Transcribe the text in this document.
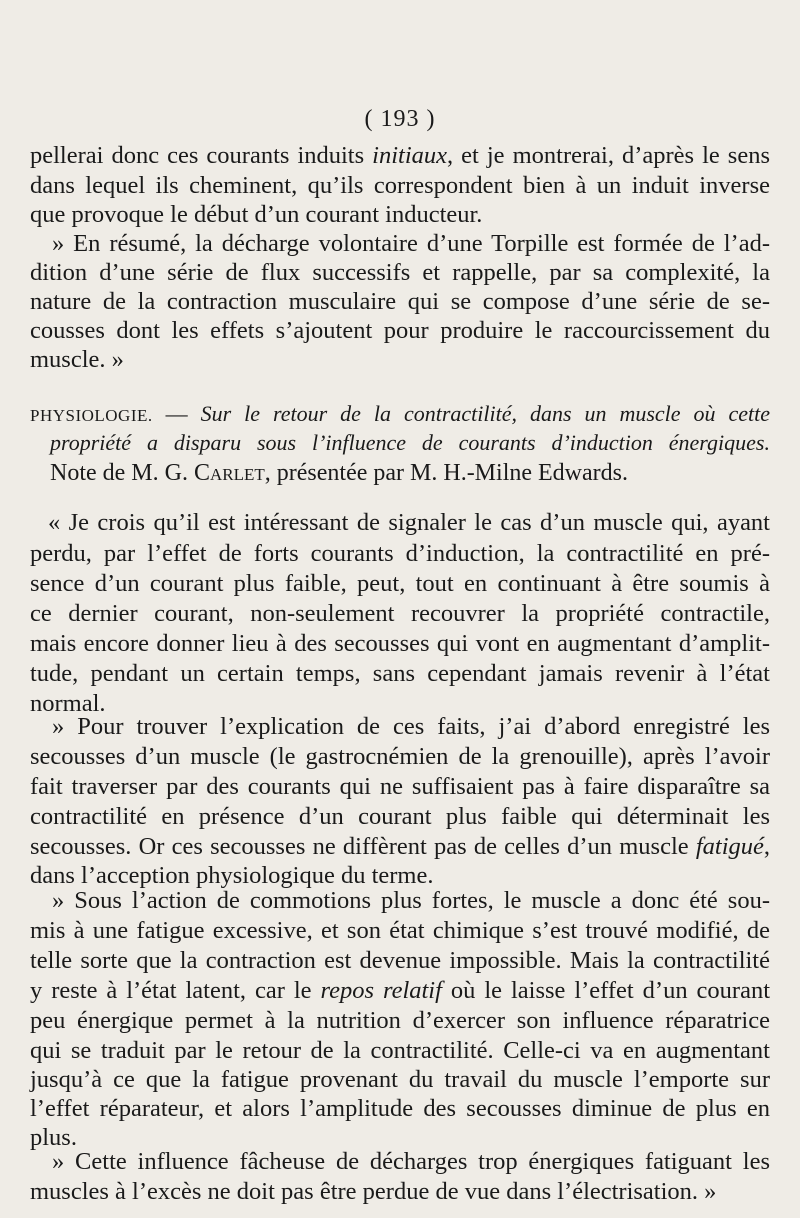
( 193 )
pellerai donc ces courants induits initiaux, et je montrerai, d’après le sens
dans lequel ils cheminent, qu’ils correspondent bien à un induit inverse
que provoque le début d’un courant inducteur.
» En résumé, la décharge volontaire d’une Torpille est formée de l’ad-
dition d’une série de flux successifs et rappelle, par sa complexité, la
nature de la contraction musculaire qui se compose d’une série de se-
cousses dont les effets s’ajoutent pour produire le raccourcissement du
muscle. »
PHYSIOLOGIE. — Sur le retour de la contractilité, dans un muscle où cette
propriété a disparu sous l’influence de courants d’induction énergiques.
Note de M. G. Carlet, présentée par M. H.-Milne Edwards.
« Je crois qu’il est intéressant de signaler le cas d’un muscle qui, ayant
perdu, par l’effet de forts courants d’induction, la contractilité en pré-
sence d’un courant plus faible, peut, tout en continuant à être soumis à
ce dernier courant, non-seulement recouvrer la propriété contractile,
mais encore donner lieu à des secousses qui vont en augmentant d’amplit-
tude, pendant un certain temps, sans cependant jamais revenir à l’état
normal.
» Pour trouver l’explication de ces faits, j’ai d’abord enregistré les
secousses d’un muscle (le gastrocnémien de la grenouille), après l’avoir
fait traverser par des courants qui ne suffisaient pas à faire disparaître sa
contractilité en présence d’un courant plus faible qui déterminait les
secousses. Or ces secousses ne diffèrent pas de celles d’un muscle fatigué,
dans l’acception physiologique du terme.
» Sous l’action de commotions plus fortes, le muscle a donc été sou-
mis à une fatigue excessive, et son état chimique s’est trouvé modifié, de
telle sorte que la contraction est devenue impossible. Mais la contractilité
y reste à l’état latent, car le repos relatif où le laisse l’effet d’un courant
peu énergique permet à la nutrition d’exercer son influence réparatrice
qui se traduit par le retour de la contractilité. Celle-ci va en augmentant
jusqu’à ce que la fatigue provenant du travail du muscle l’emporte sur
l’effet réparateur, et alors l’amplitude des secousses diminue de plus en
plus.
» Cette influence fâcheuse de décharges trop énergiques fatiguant les
muscles à l’excès ne doit pas être perdue de vue dans l’électrisation. »
